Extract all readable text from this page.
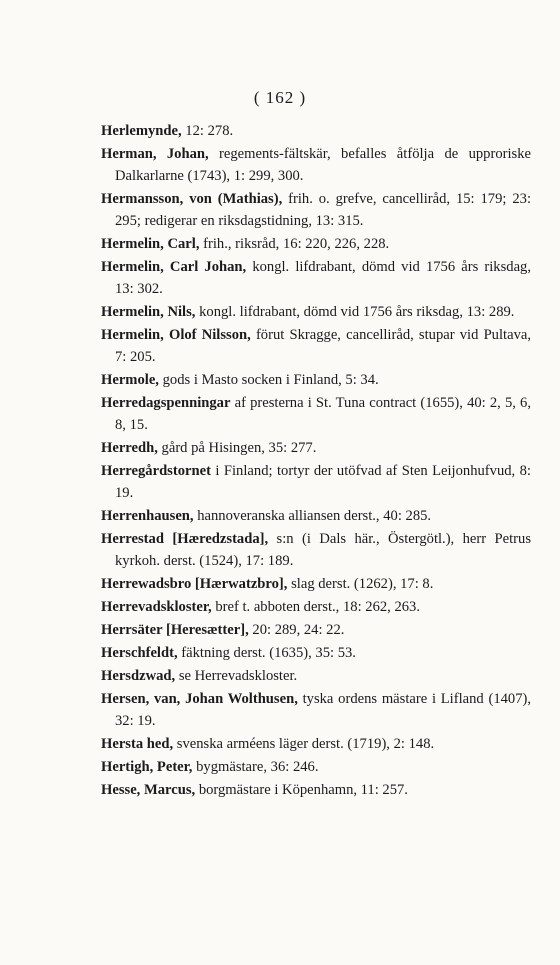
( 162 )

Herlemynde, 12: 278.

Herman, Johan, regements-fältskär, befalles åtfölja de upproriske Dalkarlarne (1743), 1: 299, 300.

Hermansson, von (Mathias), frih. o. grefve, cancelliråd, 15: 179; 23: 295; redigerar en riksdagstidning, 13: 315.

Hermelin, Carl, frih., riksråd, 16: 220, 226, 228.

Hermelin, Carl Johan, kongl. lifdrabant, dömd vid 1756 års riksdag, 13: 302.

Hermelin, Nils, kongl. lifdrabant, dömd vid 1756 års riksdag, 13: 289.

Hermelin, Olof Nilsson, förut Skragge, cancelliråd, stupar vid Pultava, 7: 205.

Hermole, gods i Masto socken i Finland, 5: 34.

Herredagspenningar af presterna i St. Tuna contract (1655), 40: 2, 5, 6, 8, 15.

Herredh, gård på Hisingen, 35: 277.

Herregårdstornet i Finland; tortyr der utöfvad af Sten Leijonhufvud, 8: 19.

Herrenhausen, hannoveranska alliansen derst., 40: 285.

Herrestad [Hæredzstada], s:n (i Dals här., Östergötl.), herr Petrus kyrkoh. derst. (1524), 17: 189.

Herrewadsbro [Hærwatzbro], slag derst. (1262), 17: 8.

Herrevadskloster, bref t. abboten derst., 18: 262, 263.

Herrsäter [Heresætter], 20: 289, 24: 22.

Herschfeldt, fäktning derst. (1635), 35: 53.

Hersdzwad, se Herrevadskloster.

Hersen, van, Johan Wolthusen, tyska ordens mästare i Lifland (1407), 32: 19.

Hersta hed, svenska arméens läger derst. (1719), 2: 148.

Hertigh, Peter, bygmästare, 36: 246.

Hesse, Marcus, borgmästare i Köpenhamn, 11: 257.
